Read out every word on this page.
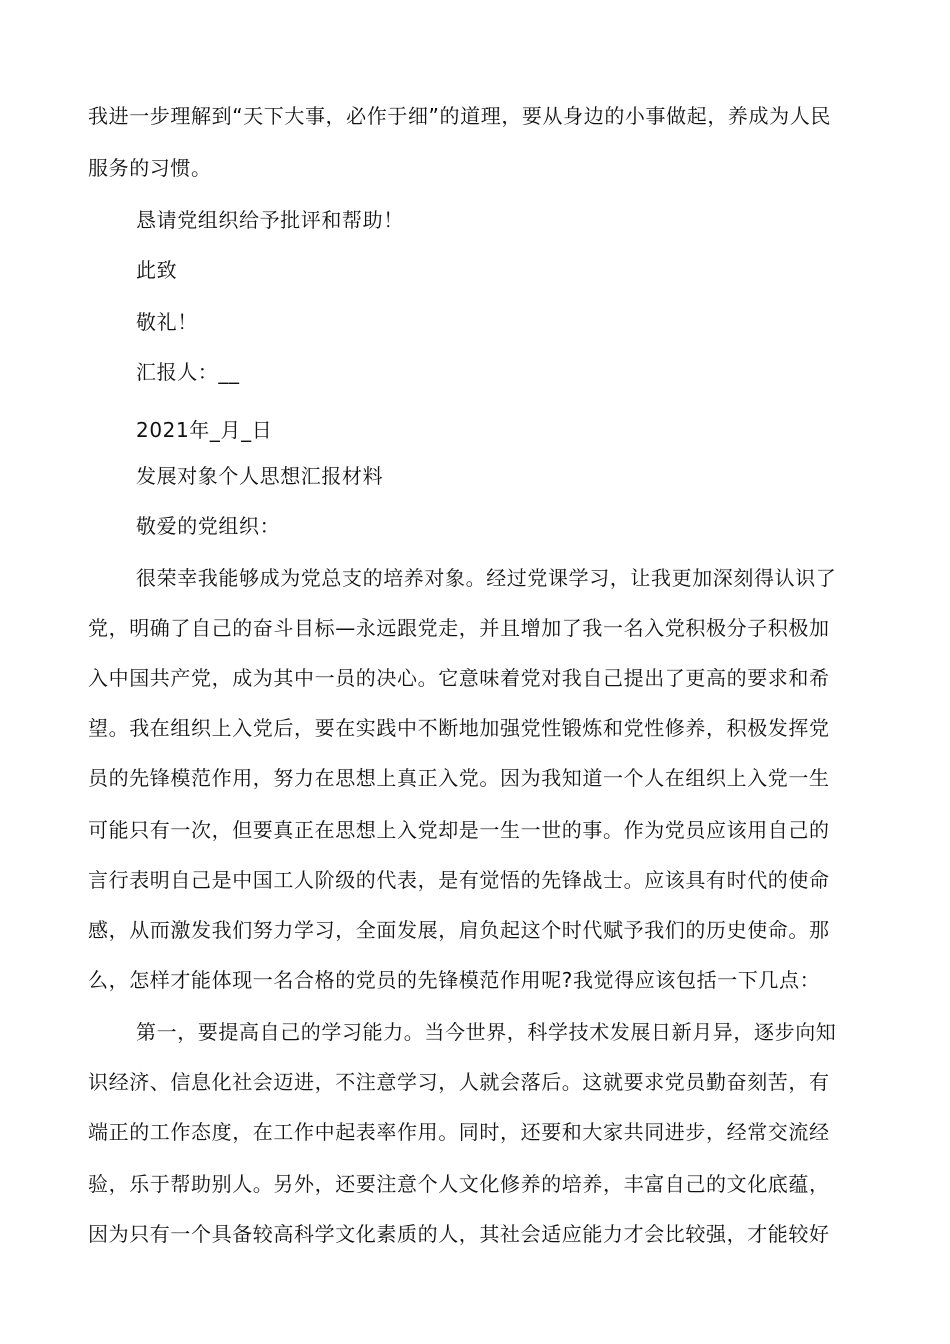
我进一步理解到“天下大事，必作于细”的道理，要从身边的小事做起，养成为人民
服务的习惯。
恳请党组织给予批评和帮助！
此致
敬礼！
汇报人：__
2021年_月_日
发展对象个人思想汇报材料
敬爱的党组织：
很荣幸我能够成为党总支的培养对象。经过党课学习，让我更加深刻得认识了
党，明确了自己的奋斗目标—永远跟党走，并且增加了我一名入党积极分子积极加
入中国共产党，成为其中一员的决心。它意味着党对我自己提出了更高的要求和希
望。我在组织上入党后，要在实践中不断地加强党性锻炼和党性修养，积极发挥党
员的先锋模范作用，努力在思想上真正入党。因为我知道一个人在组织上入党一生
可能只有一次，但要真正在思想上入党却是一生一世的事。作为党员应该用自己的
言行表明自己是中国工人阶级的代表，是有觉悟的先锋战士。应该具有时代的使命
感，从而激发我们努力学习，全面发展，肩负起这个时代赋予我们的历史使命。那
么，怎样才能体现一名合格的党员的先锋模范作用呢?我觉得应该包括一下几点：
第一，要提高自己的学习能力。当今世界，科学技术发展日新月异，逐步向知
识经济、信息化社会迈进，不注意学习，人就会落后。这就要求党员勤奋刻苦，有
端正的工作态度，在工作中起表率作用。同时，还要和大家共同进步，经常交流经
验，乐于帮助别人。另外，还要注意个人文化修养的培养，丰富自己的文化底蕴，
因为只有一个具备较高科学文化素质的人，其社会适应能力才会比较强，才能较好
